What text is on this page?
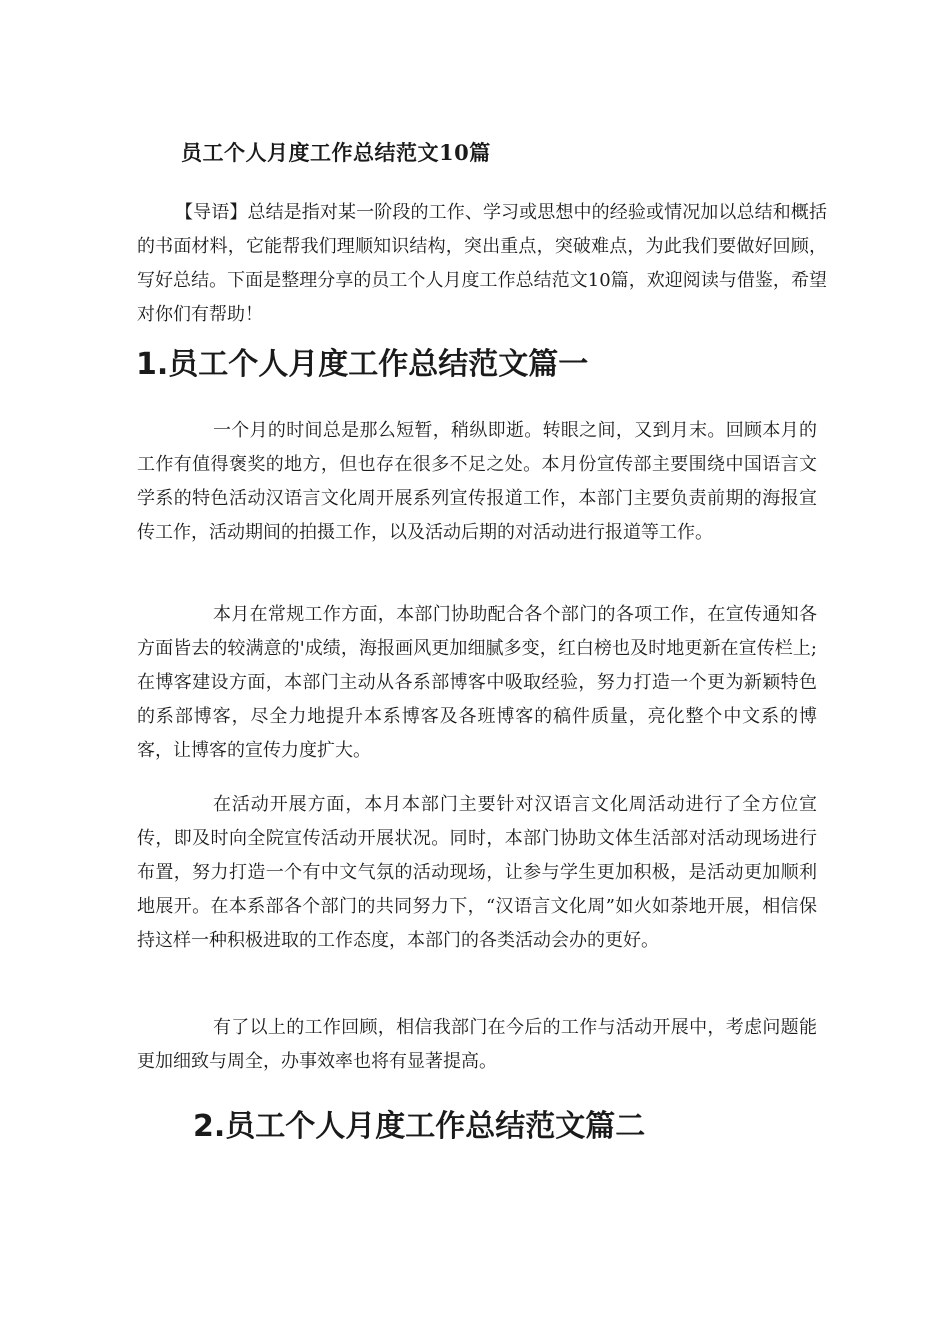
员工个人月度工作总结范文10篇

【导语】总结是指对某一阶段的工作、学习或思想中的经验或情况加以总结和概括的书面材料，它能帮我们理顺知识结构，突出重点，突破难点，为此我们要做好回顾，写好总结。下面是整理分享的员工个人月度工作总结范文10篇，欢迎阅读与借鉴，希望对你们有帮助！

1.员工个人月度工作总结范文篇一

一个月的时间总是那么短暂，稍纵即逝。转眼之间，又到月末。回顾本月的工作有值得褒奖的地方，但也存在很多不足之处。本月份宣传部主要围绕中国语言文学系的特色活动汉语言文化周开展系列宣传报道工作，本部门主要负责前期的海报宣传工作，活动期间的拍摄工作，以及活动后期的对活动进行报道等工作。

本月在常规工作方面，本部门协助配合各个部门的各项工作，在宣传通知各方面皆去的较满意的'成绩，海报画风更加细腻多变，红白榜也及时地更新在宣传栏上;在博客建设方面，本部门主动从各系部博客中吸取经验，努力打造一个更为新颖特色的系部博客，尽全力地提升本系博客及各班博客的稿件质量，亮化整个中文系的博客，让博客的宣传力度扩大。

在活动开展方面，本月本部门主要针对汉语言文化周活动进行了全方位宣传，即及时向全院宣传活动开展状况。同时，本部门协助文体生活部对活动现场进行布置，努力打造一个有中文气氛的活动现场，让参与学生更加积极，是活动更加顺利地展开。在本系部各个部门的共同努力下，“汉语言文化周”如火如荼地开展，相信保持这样一种积极进取的工作态度，本部门的各类活动会办的更好。

有了以上的工作回顾，相信我部门在今后的工作与活动开展中，考虑问题能更加细致与周全，办事效率也将有显著提高。

2.员工个人月度工作总结范文篇二
